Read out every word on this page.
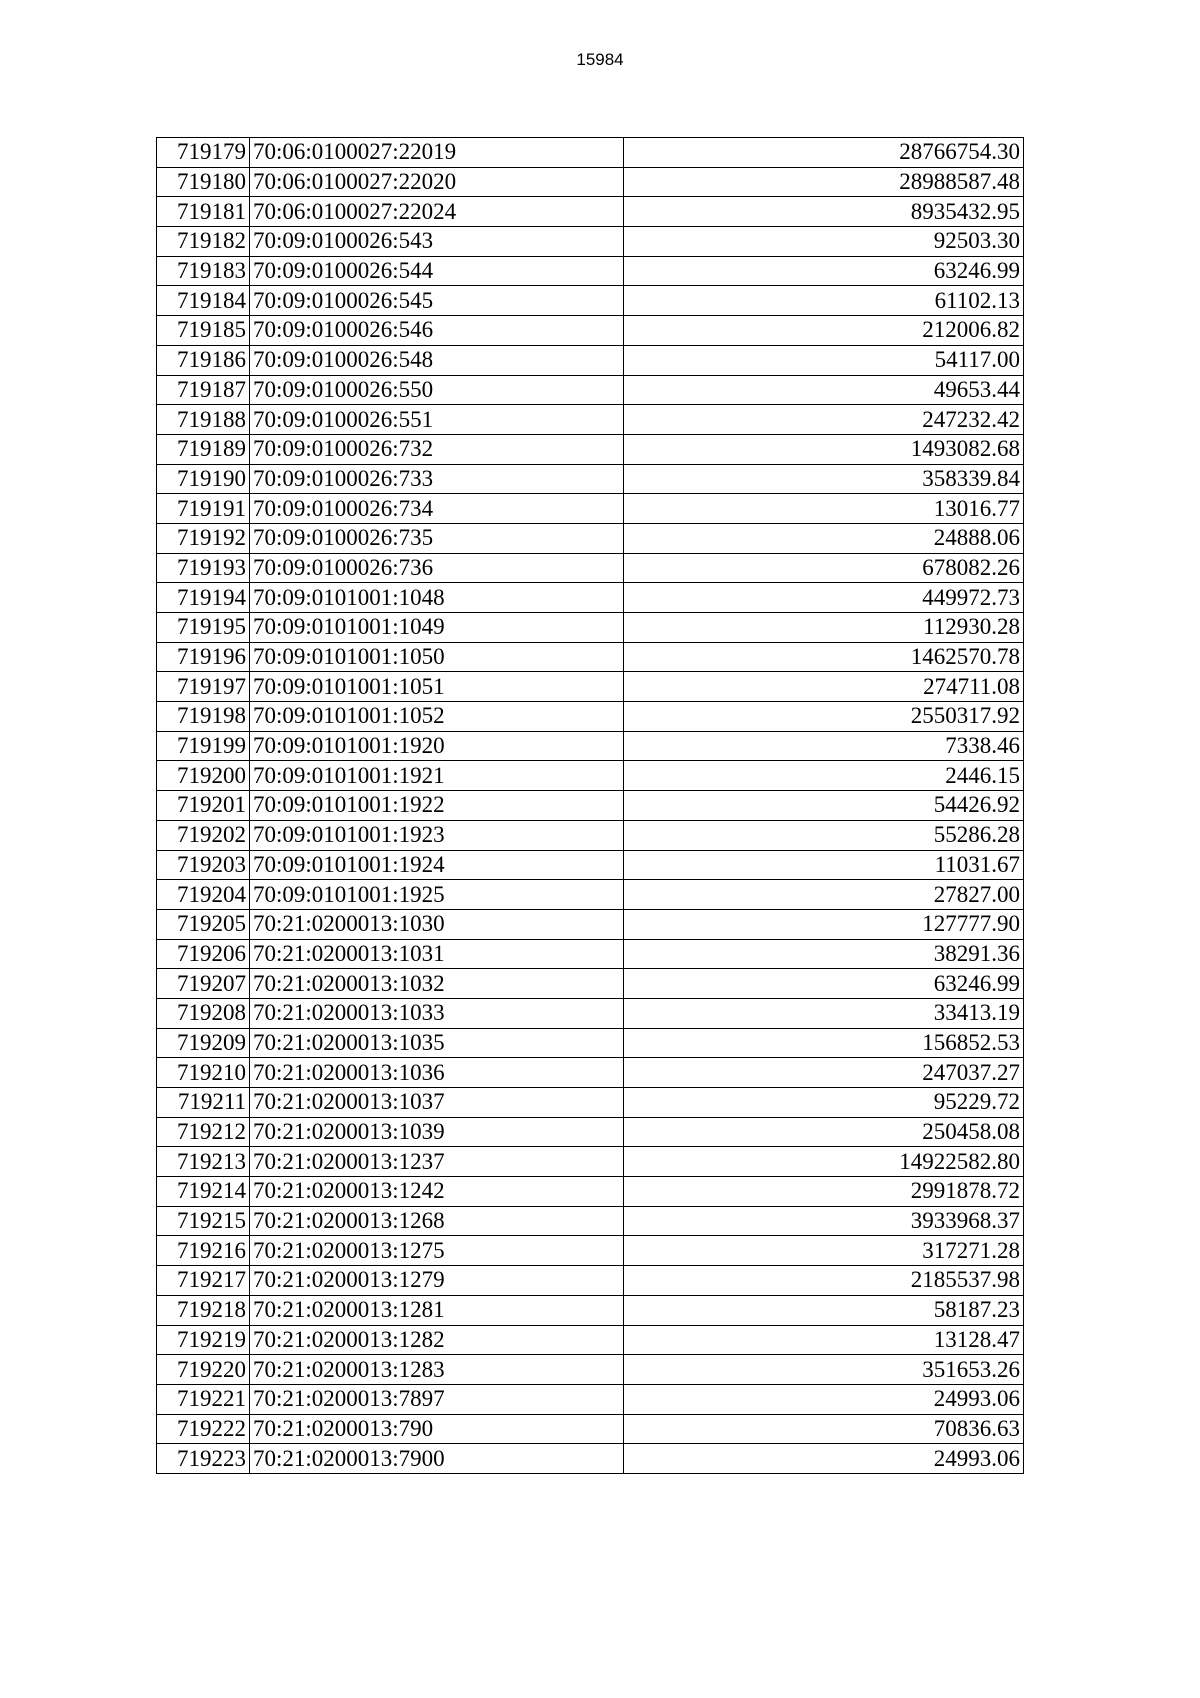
15984
719179	70:06:0100027:22019	28766754.30
719180	70:06:0100027:22020	28988587.48
719181	70:06:0100027:22024	8935432.95
719182	70:09:0100026:543	92503.30
719183	70:09:0100026:544	63246.99
719184	70:09:0100026:545	61102.13
719185	70:09:0100026:546	212006.82
719186	70:09:0100026:548	54117.00
719187	70:09:0100026:550	49653.44
719188	70:09:0100026:551	247232.42
719189	70:09:0100026:732	1493082.68
719190	70:09:0100026:733	358339.84
719191	70:09:0100026:734	13016.77
719192	70:09:0100026:735	24888.06
719193	70:09:0100026:736	678082.26
719194	70:09:0101001:1048	449972.73
719195	70:09:0101001:1049	112930.28
719196	70:09:0101001:1050	1462570.78
719197	70:09:0101001:1051	274711.08
719198	70:09:0101001:1052	2550317.92
719199	70:09:0101001:1920	7338.46
719200	70:09:0101001:1921	2446.15
719201	70:09:0101001:1922	54426.92
719202	70:09:0101001:1923	55286.28
719203	70:09:0101001:1924	11031.67
719204	70:09:0101001:1925	27827.00
719205	70:21:0200013:1030	127777.90
719206	70:21:0200013:1031	38291.36
719207	70:21:0200013:1032	63246.99
719208	70:21:0200013:1033	33413.19
719209	70:21:0200013:1035	156852.53
719210	70:21:0200013:1036	247037.27
719211	70:21:0200013:1037	95229.72
719212	70:21:0200013:1039	250458.08
719213	70:21:0200013:1237	14922582.80
719214	70:21:0200013:1242	2991878.72
719215	70:21:0200013:1268	3933968.37
719216	70:21:0200013:1275	317271.28
719217	70:21:0200013:1279	2185537.98
719218	70:21:0200013:1281	58187.23
719219	70:21:0200013:1282	13128.47
719220	70:21:0200013:1283	351653.26
719221	70:21:0200013:7897	24993.06
719222	70:21:0200013:790	70836.63
719223	70:21:0200013:7900	24993.06
